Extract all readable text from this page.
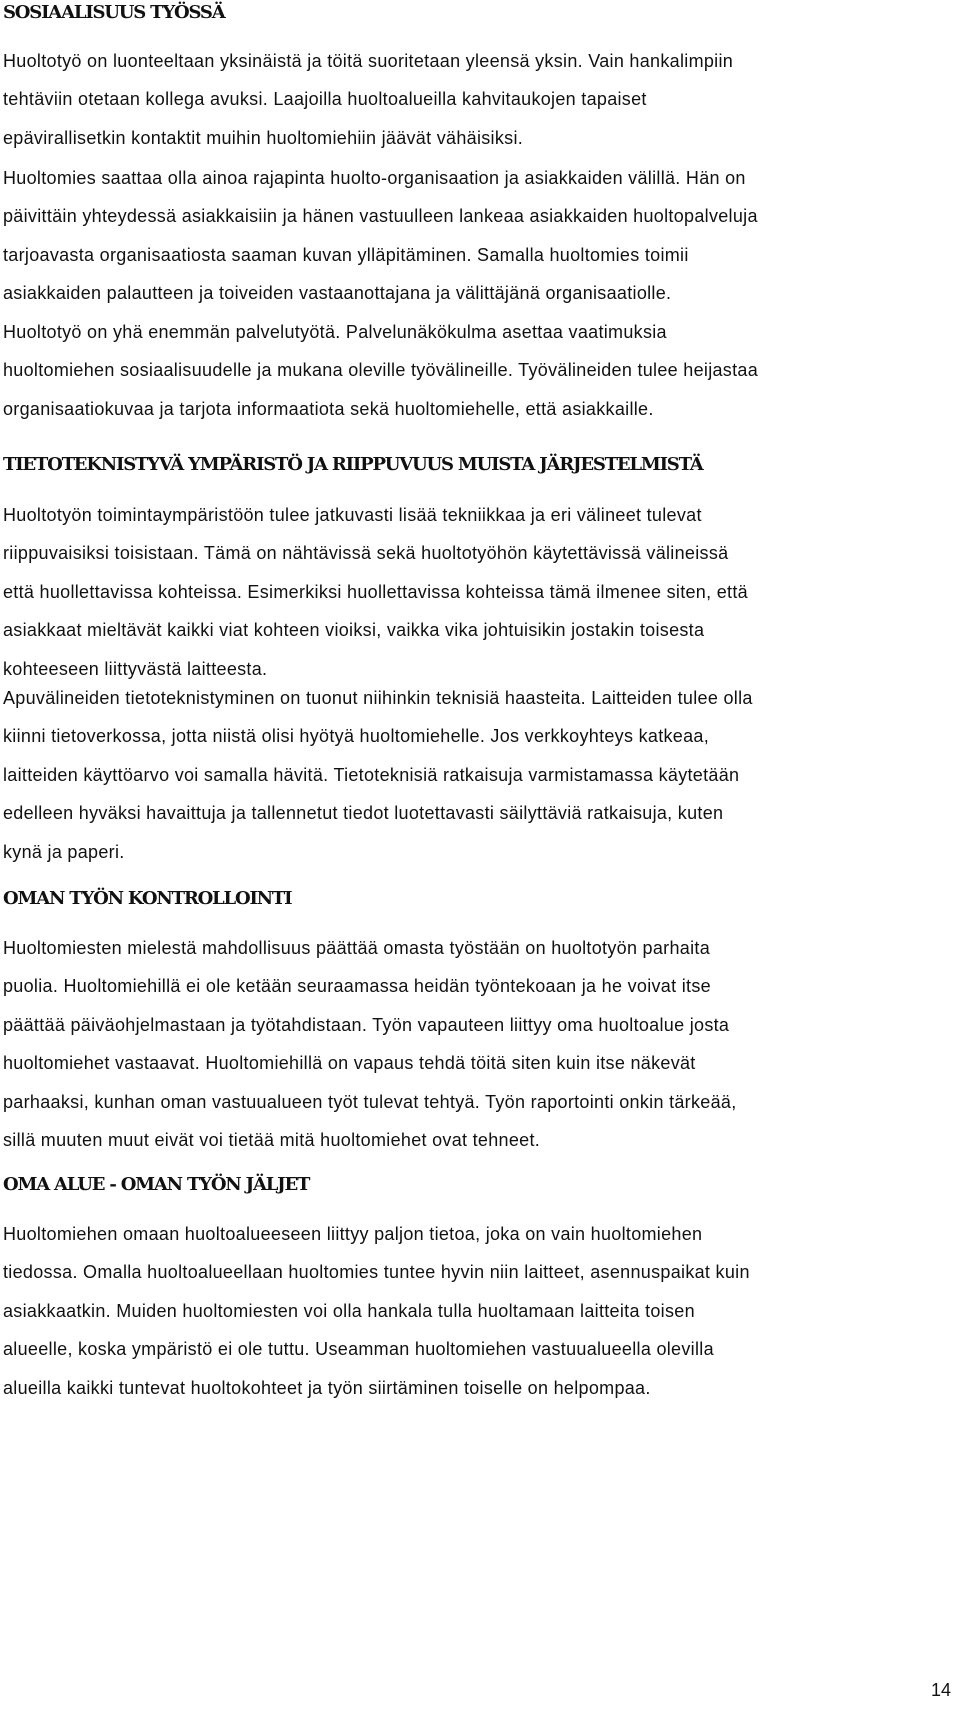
SOSIAALISUUS TYÖSSÄ

Huoltotyö on luonteeltaan yksinäistä ja töitä suoritetaan yleensä yksin. Vain hankalimpiin
tehtäviin otetaan kollega avuksi. Laajoilla huoltoalueilla kahvitaukojen tapaiset
epävirallisetkin kontaktit muihin huoltomiehiin jäävät vähäisiksi.

Huoltomies saattaa olla ainoa rajapinta huolto-organisaation ja asiakkaiden välillä. Hän on
päivittäin yhteydessä asiakkaisiin ja hänen vastuulleen lankeaa asiakkaiden huoltopalveluja
tarjoavasta organisaatiosta saaman kuvan ylläpitäminen. Samalla huoltomies toimii
asiakkaiden palautteen ja toiveiden vastaanottajana ja välittäjänä organisaatiolle.

Huoltotyö on yhä enemmän palvelutyötä. Palvelunäkökulma asettaa vaatimuksia
huoltomiehen sosiaalisuudelle ja mukana oleville työvälineille. Työvälineiden tulee heijastaa
organisaatiokuvaa ja tarjota informaatiota sekä huoltomiehelle, että asiakkaille.

TIETOTEKNISTYVÄ YMPÄRISTÖ JA RIIPPUVUUS MUISTA JÄRJESTELMISTÄ

Huoltotyön toimintaympäristöön tulee jatkuvasti lisää tekniikkaa ja eri välineet tulevat
riippuvaisiksi toisistaan. Tämä on nähtävissä sekä huoltotyöhön käytettävissä välineissä
että huollettavissa kohteissa. Esimerkiksi huollettavissa kohteissa tämä ilmenee siten, että
asiakkaat mieltävät kaikki viat kohteen vioiksi, vaikka vika johtuisikin jostakin toisesta
kohteeseen liittyvästä laitteesta.

Apuvälineiden tietoteknistyminen on tuonut niihinkin teknisiä haasteita. Laitteiden tulee olla
kiinni tietoverkossa, jotta niistä olisi hyötyä huoltomiehelle. Jos verkkoyhteys katkeaa,
laitteiden käyttöarvo voi samalla hävitä. Tietoteknisiä ratkaisuja varmistamassa käytetään
edelleen hyväksi havaittuja ja tallennetut tiedot luotettavasti säilyttäviä ratkaisuja, kuten
kynä ja paperi.

OMAN TYÖN KONTROLLOINTI

Huoltomiesten mielestä mahdollisuus päättää omasta työstään on huoltotyön parhaita
puolia. Huoltomiehillä ei ole ketään seuraamassa heidän työntekoaan ja he voivat itse
päättää päiväohjelmastaan ja työtahdistaan. Työn vapauteen liittyy oma huoltoalue josta
huoltomiehet vastaavat. Huoltomiehillä on vapaus tehdä töitä siten kuin itse näkevät
parhaaksi, kunhan oman vastuualueen työt tulevat tehtyä. Työn raportointi onkin tärkeää,
sillä muuten muut eivät voi tietää mitä huoltomiehet ovat tehneet.

OMA ALUE - OMAN TYÖN JÄLJET

Huoltomiehen omaan huoltoalueeseen liittyy paljon tietoa, joka on vain huoltomiehen
tiedossa. Omalla huoltoalueellaan huoltomies tuntee hyvin niin laitteet, asennuspaikat kuin
asiakkaatkin. Muiden huoltomiesten voi olla hankala tulla huoltamaan laitteita toisen
alueelle, koska ympäristö ei ole tuttu. Useamman huoltomiehen vastuualueella olevilla
alueilla kaikki tuntevat huoltokohteet ja työn siirtäminen toiselle on helpompaa.

14
